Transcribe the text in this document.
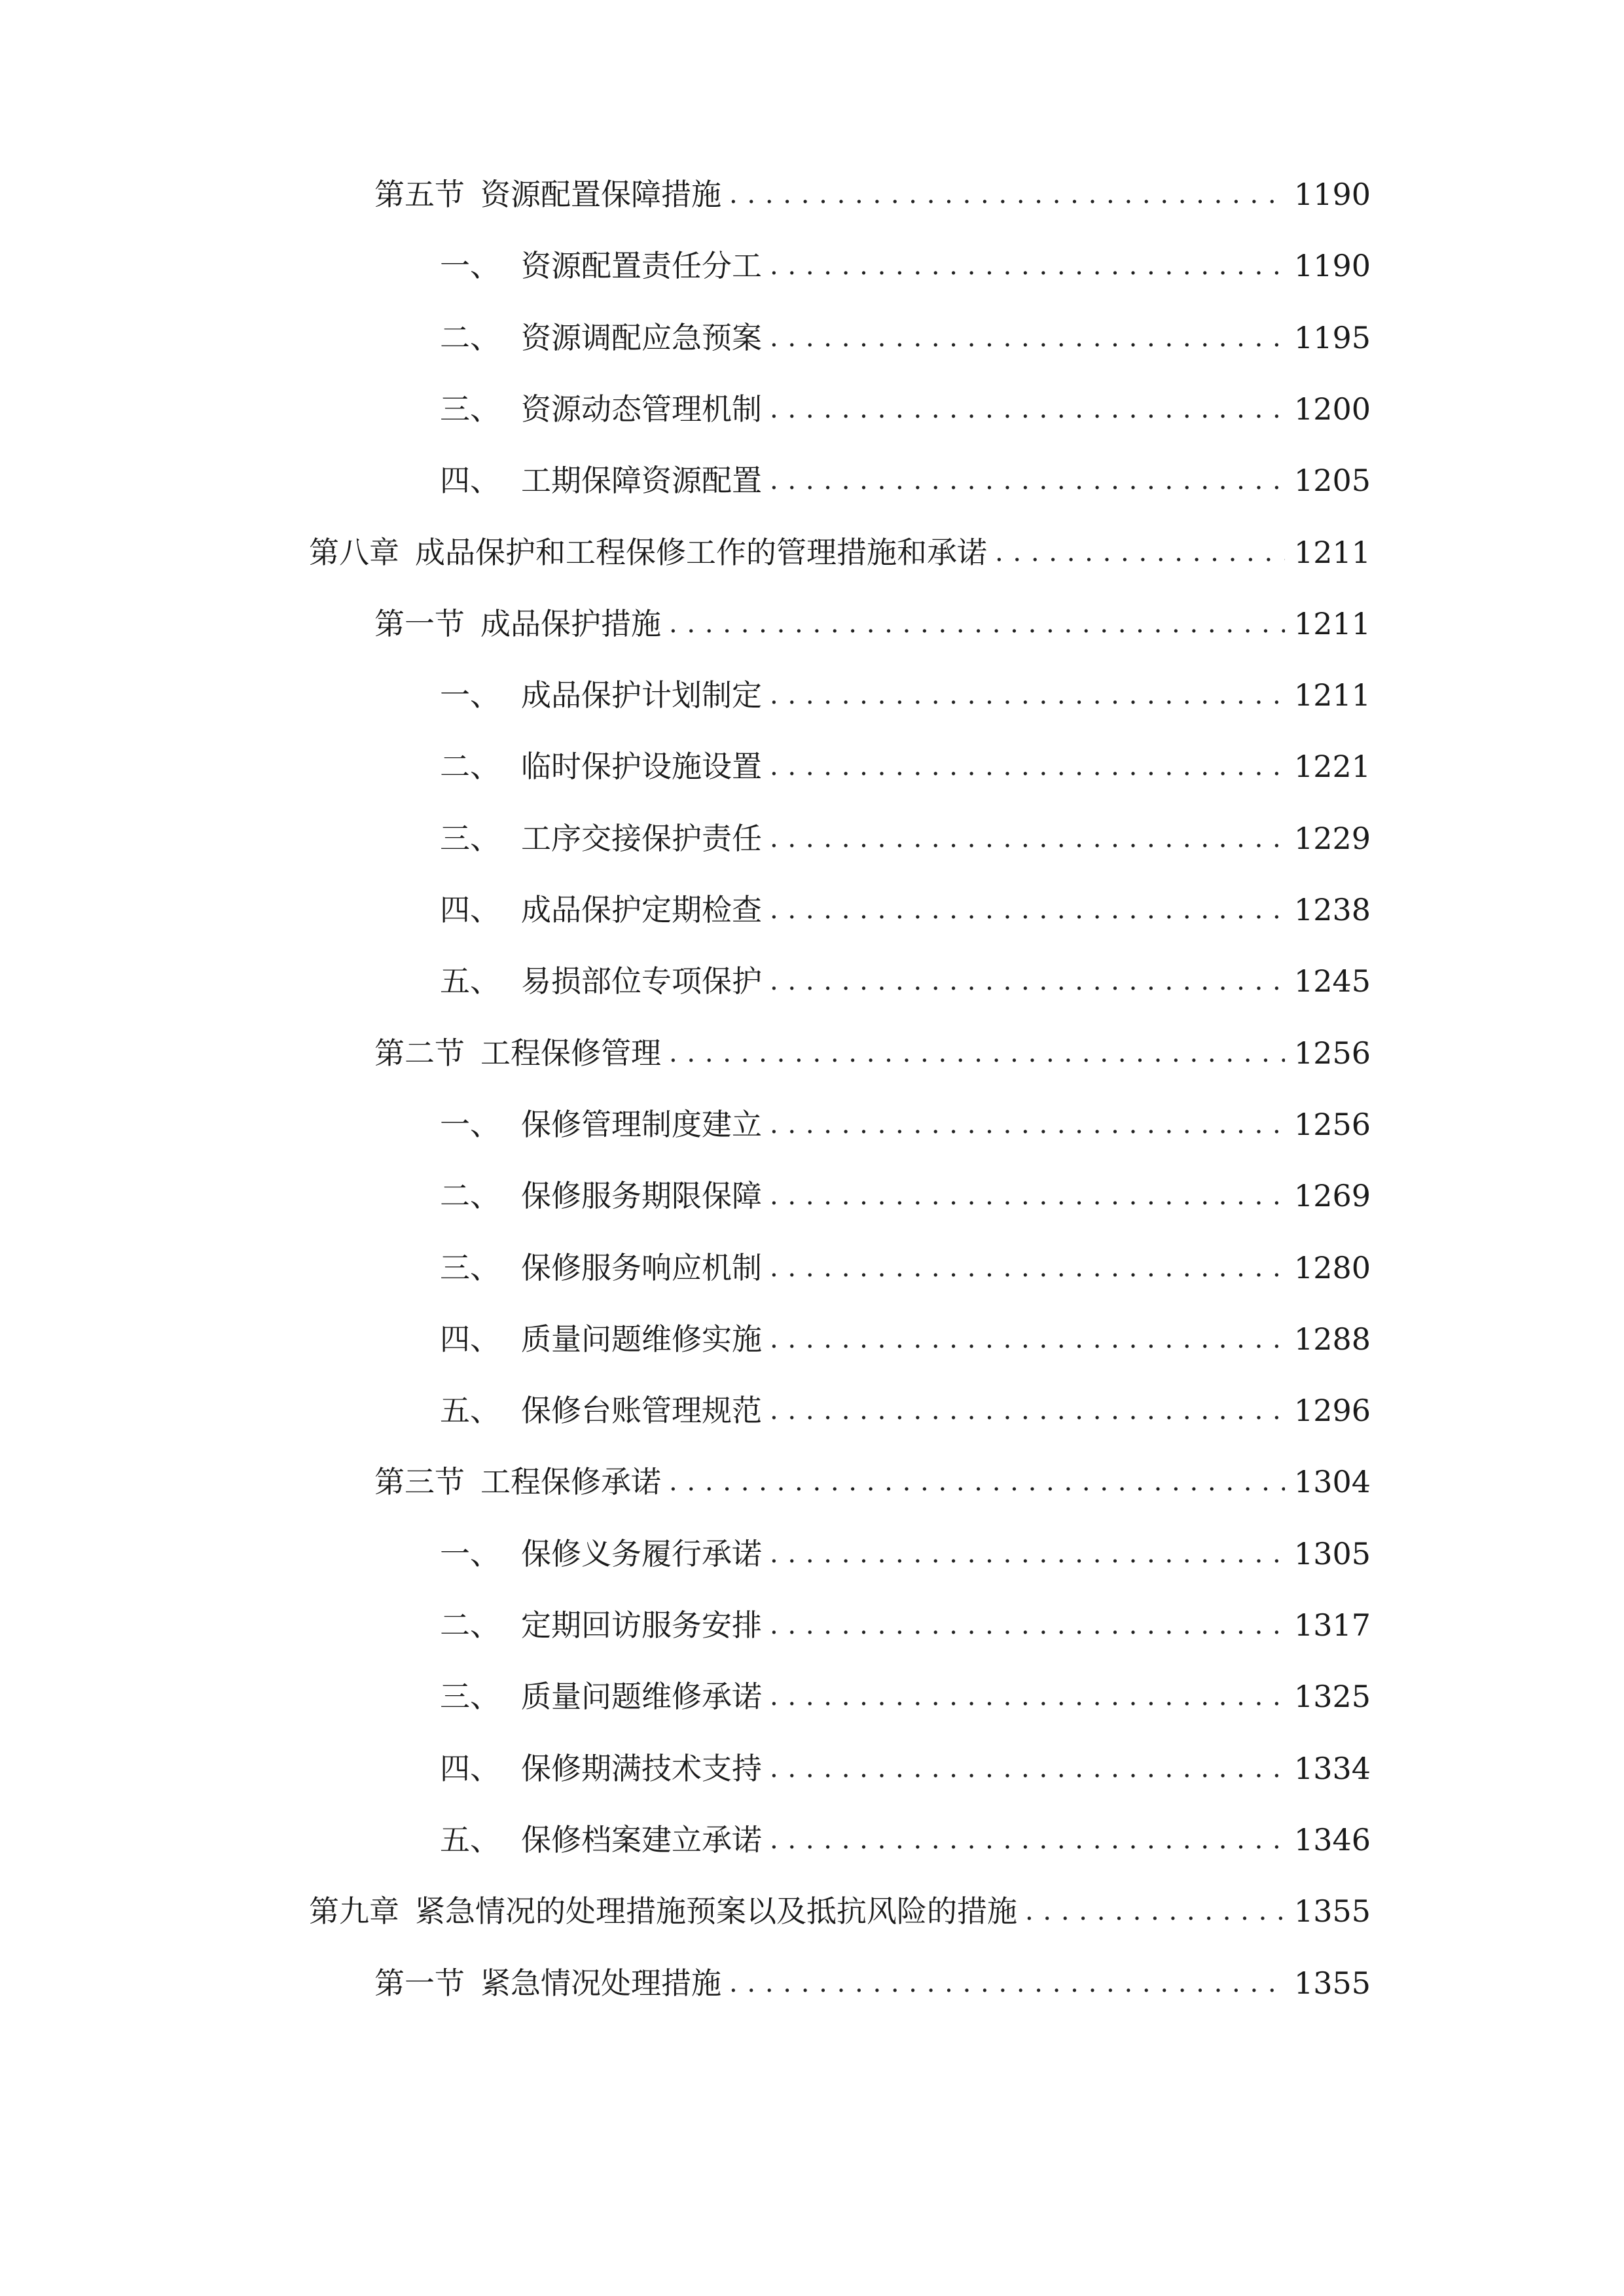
第五节 资源配置保障措施 . . .	1190
一、 资源配置责任分工 . . .	1190
二、 资源调配应急预案 . . .	1195
三、 资源动态管理机制 . . .	1200
四、 工期保障资源配置 . . .	1205
第八章 成品保护和工程保修工作的管理措施和承诺 . . .	1211
第一节 成品保护措施 . . .	1211
一、 成品保护计划制定 . . .	1211
二、 临时保护设施设置 . . .	1221
三、 工序交接保护责任 . . .	1229
四、 成品保护定期检查 . . .	1238
五、 易损部位专项保护 . . .	1245
第二节 工程保修管理 . . .	1256
一、 保修管理制度建立 . . .	1256
二、 保修服务期限保障 . . .	1269
三、 保修服务响应机制 . . .	1280
四、 质量问题维修实施 . . .	1288
五、 保修台账管理规范 . . .	1296
第三节 工程保修承诺 . . .	1304
一、 保修义务履行承诺 . . .	1305
二、 定期回访服务安排 . . .	1317
三、 质量问题维修承诺 . . .	1325
四、 保修期满技术支持 . . .	1334
五、 保修档案建立承诺 . . .	1346
第九章 紧急情况的处理措施预案以及抵抗风险的措施 . . .	1355
第一节 紧急情况处理措施 . . .	1355
